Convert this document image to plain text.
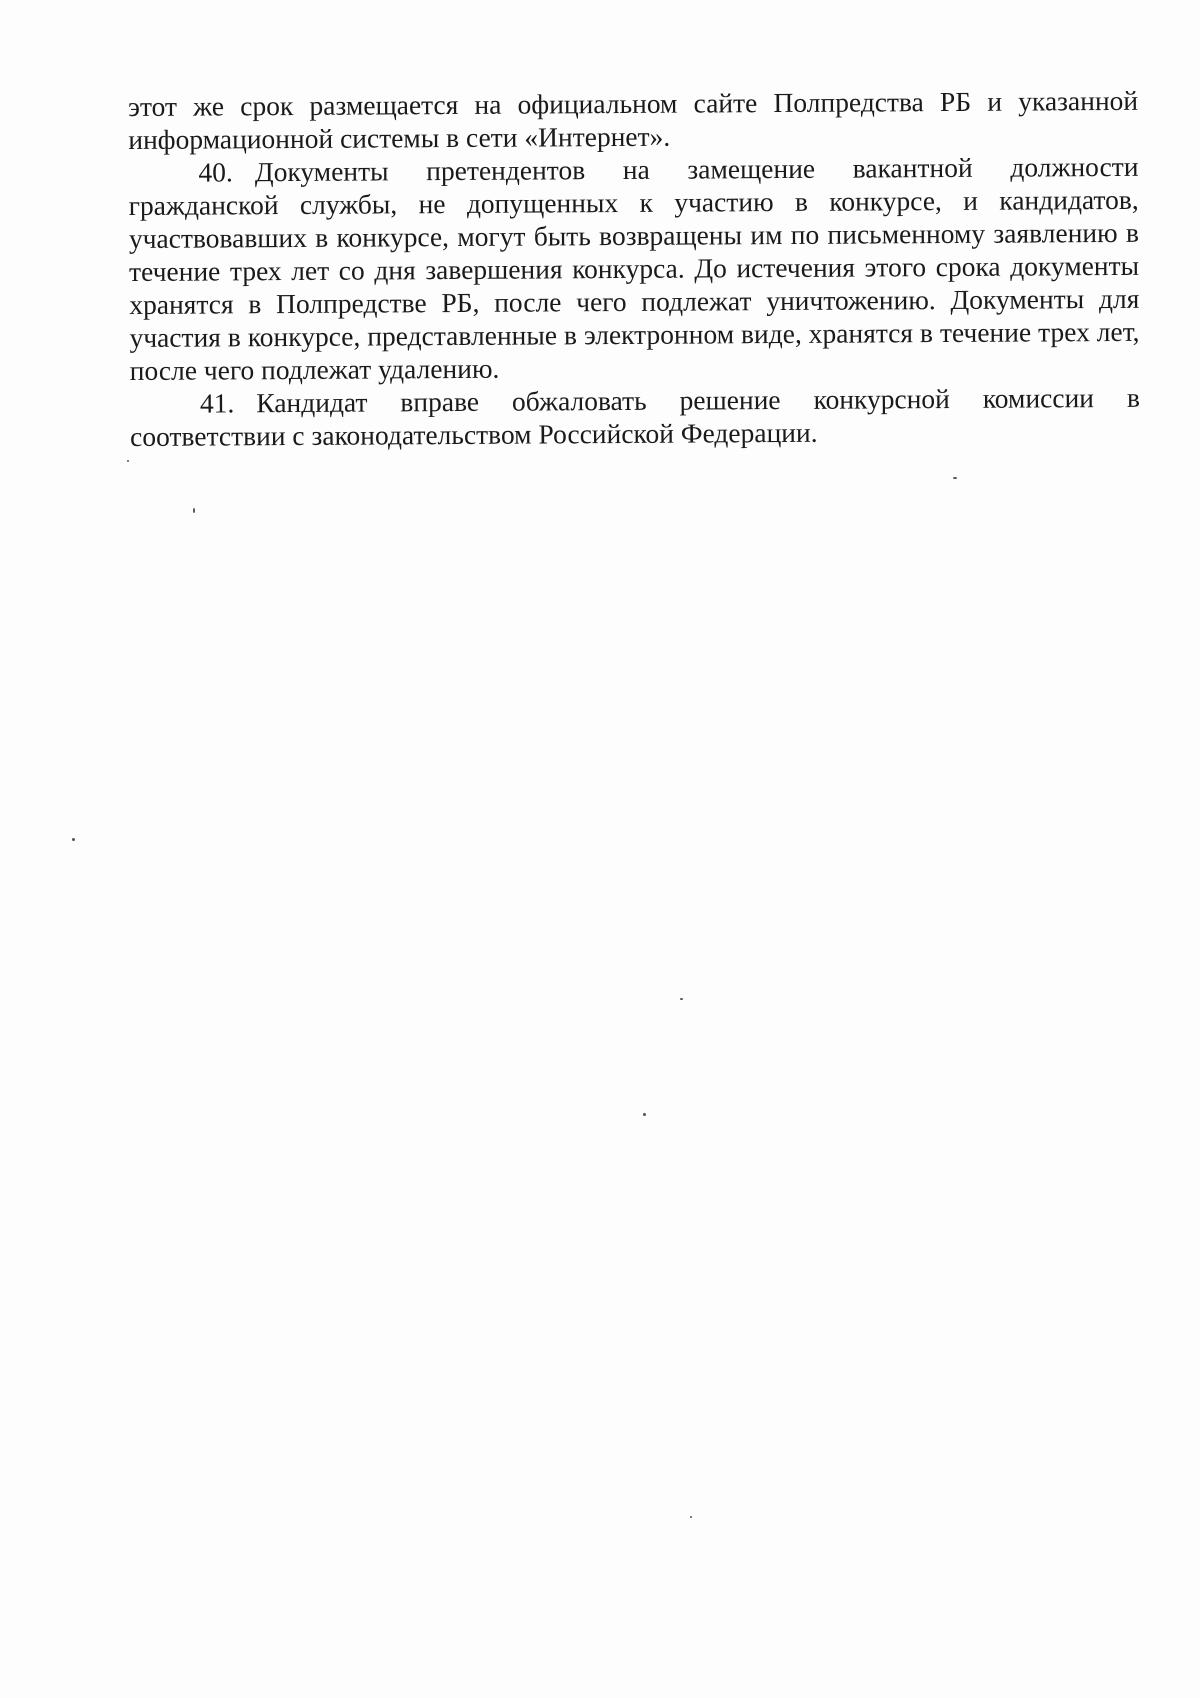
этот же срок размещается на официальном сайте Полпредства РБ и указанной информационной системы в сети «Интернет».

40. Документы претендентов на замещение вакантной должности гражданской службы, не допущенных к участию в конкурсе, и кандидатов, участвовавших в конкурсе, могут быть возвращены им по письменному заявлению в течение трех лет со дня завершения конкурса. До истечения этого срока документы хранятся в Полпредстве РБ, после чего подлежат уничтожению. Документы для участия в конкурсе, представленные в электронном виде, хранятся в течение трех лет, после чего подлежат удалению.

41. Кандидат вправе обжаловать решение конкурсной комиссии в соответствии с законодательством Российской Федерации.
